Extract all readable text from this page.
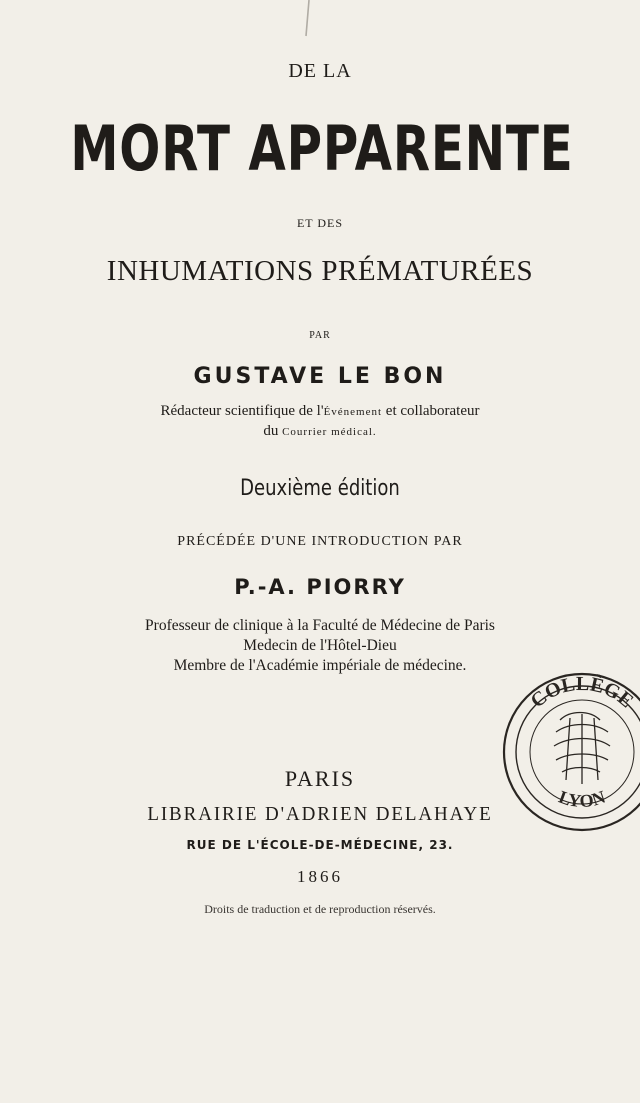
DE LA
MORT APPARENTE
ET DES
INHUMATIONS PRÉMATURÉES
PAR
GUSTAVE LE BON
Rédacteur scientifique de l'Événement et collaborateur
du Courrier médical.
Deuxième édition
PRÉCÉDÉE D'UNE INTRODUCTION PAR
P.-A. PIORRY
Professeur de clinique à la Faculté de Médecine de Paris
Medecin de l'Hôtel-Dieu
Membre de l'Académie impériale de médecine.
PARIS
LIBRAIRIE D'ADRIEN DELAHAYE
RUE DE L'ÉCOLE-DE-MÉDECINE, 23.
1866
Droits de traduction et de reproduction réservés.
COLLÈGE
LYON
